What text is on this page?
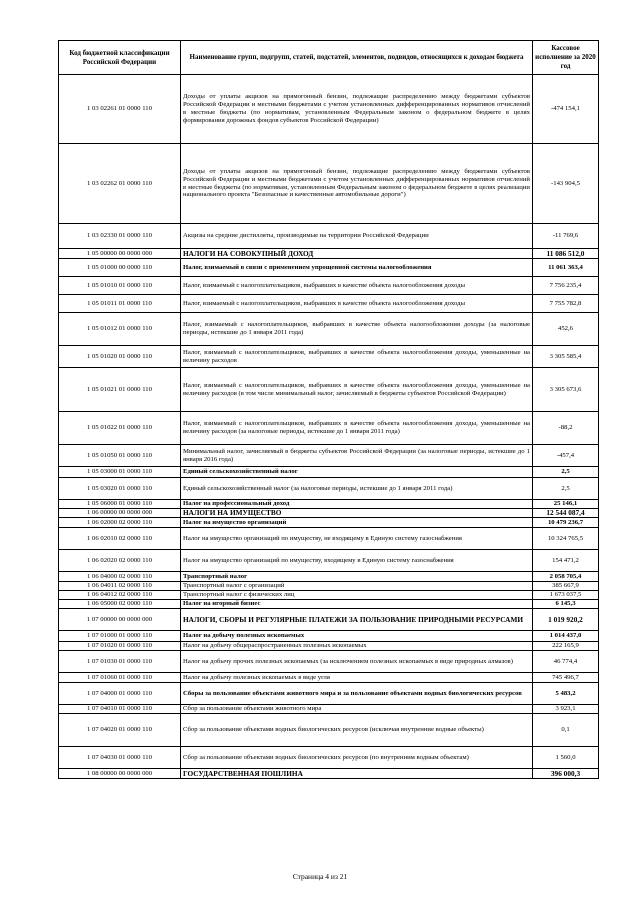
Код бюджетной классификации Российской Федерации	Наименование групп, подгрупп, статей, подстатей, элементов, подвидов, относящихся к доходам бюджета	Кассовое исполнение за 2020 год
1 03 02261 01 0000 110	Доходы от уплаты акцизов на прямогонный бензин, подлежащие распределению между бюджетами субъектов Российской Федерации и местными бюджетами с учетом установленных дифференцированных нормативов отчислений в местные бюджеты (по нормативам, установленным Федеральным законом о федеральном бюджете в целях формирования дорожных фондов субъектов Российской Федерации)	-474 154,1
1 03 02262 01 0000 110	Доходы от уплаты акцизов на прямогонный бензин, подлежащие распределению между бюджетами субъектов Российской Федерации и местными бюджетами с учетом установленных дифференцированных нормативов отчислений в местные бюджеты (по нормативам, установленным Федеральным законом о федеральном бюджете в целях реализации национального проекта "Безопасные и качественные автомобильные дороги")	-143 904,5
1 03 02330 01 0000 110	Акцизы на средние дистилляты, производимые на территории Российской Федерации	-11 769,6
1 05 00000 00 0000 000	НАЛОГИ НА СОВОКУПНЫЙ ДОХОД	11 086 512,0
1 05 01000 00 0000 110	Налог, взимаемый в связи с применением упрощенной системы налогообложения	11 061 363,4
1 05 01010 01 0000 110	Налог, взимаемый с налогоплательщиков, выбравших в качестве объекта налогообложения доходы	7 756 235,4
1 05 01011 01 0000 110	Налог, взимаемый с налогоплательщиков, выбравших в качестве объекта налогообложения доходы	7 755 782,8
1 05 01012 01 0000 110	Налог, взимаемый с налогоплательщиков, выбравших в качестве объекта налогообложения доходы (за налоговые периоды, истекшие до 1 января 2011 года)	452,6
1 05 01020 01 0000 110	Налог, взимаемый с налогоплательщиков, выбравших в качестве объекта налогообложения доходы, уменьшенные на величину расходов	3 305 585,4
1 05 01021 01 0000 110	Налог, взимаемый с налогоплательщиков, выбравших в качестве объекта налогообложения доходы, уменьшенные на величину расходов (в том числе минимальный налог, зачисляемый в бюджеты субъектов Российской Федерации)	3 305 673,6
1 05 01022 01 0000 110	Налог, взимаемый с налогоплательщиков, выбравших в качестве объекта налогообложения доходы, уменьшенные на величину расходов (за налоговые периоды, истекшие до 1 января 2011 года)	-88,2
1 05 01050 01 0000 110	Минимальный налог, зачисляемый в бюджеты субъектов Российской Федерации (за налоговые периоды, истекшие до 1 января 2016 года)	-457,4
1 05 03000 01 0000 110	Единый сельскохозяйственный налог	2,5
1 05 03020 01 0000 110	Единый сельскохозяйственный налог (за налоговые периоды, истекшие до 1 января 2011 года)	2,5
1 05 06000 01 0000 110	Налог на профессиональный доход	25 146,1
1 06 00000 00 0000 000	НАЛОГИ НА ИМУЩЕСТВО	12 544 087,4
1 06 02000 02 0000 110	Налог на имущество организаций	10 479 236,7
1 06 02010 02 0000 110	Налог на имущество организаций по имуществу, не входящему в Единую систему газоснабжения	10 324 765,5
1 06 02020 02 0000 110	Налог на имущество организаций по имуществу, входящему в Единую систему газоснабжения	154 471,2
1 06 04000 02 0000 110	Транспортный налог	2 058 705,4
1 06 04011 02 0000 110	Транспортный налог с организаций	385 667,9
1 06 04012 02 0000 110	Транспортный налог с физических лиц	1 673 037,5
1 06 05000 02 0000 110	Налог на игорный бизнес	6 145,3
1 07 00000 00 0000 000	НАЛОГИ, СБОРЫ И РЕГУЛЯРНЫЕ ПЛАТЕЖИ ЗА ПОЛЬЗОВАНИЕ ПРИРОДНЫМИ РЕСУРСАМИ	1 019 920,2
1 07 01000 01 0000 110	Налог на добычу полезных ископаемых	1 014 437,0
1 07 01020 01 0000 110	Налог на добычу общераспространенных полезных ископаемых	222 165,9
1 07 01030 01 0000 110	Налог на добычу прочих полезных ископаемых (за исключением полезных ископаемых в виде природных алмазов)	46 774,4
1 07 01060 01 0000 110	Налог на добычу полезных ископаемых в виде угля	745 496,7
1 07 04000 01 0000 110	Сборы за пользование объектами животного мира и за пользование объектами водных биологических ресурсов	5 483,2
1 07 04010 01 0000 110	Сбор за пользование объектами животного мира	3 923,1
1 07 04020 01 0000 110	Сбор за пользование объектами водных биологических ресурсов (исключая внутренние водные объекты)	0,1
1 07 04030 01 0000 110	Сбор за пользование объектами водных биологических ресурсов (по внутренним водным объектам)	1 560,0
1 08 00000 00 0000 000	ГОСУДАРСТВЕННАЯ ПОШЛИНА	396 000,3
Страница 4 из 21
